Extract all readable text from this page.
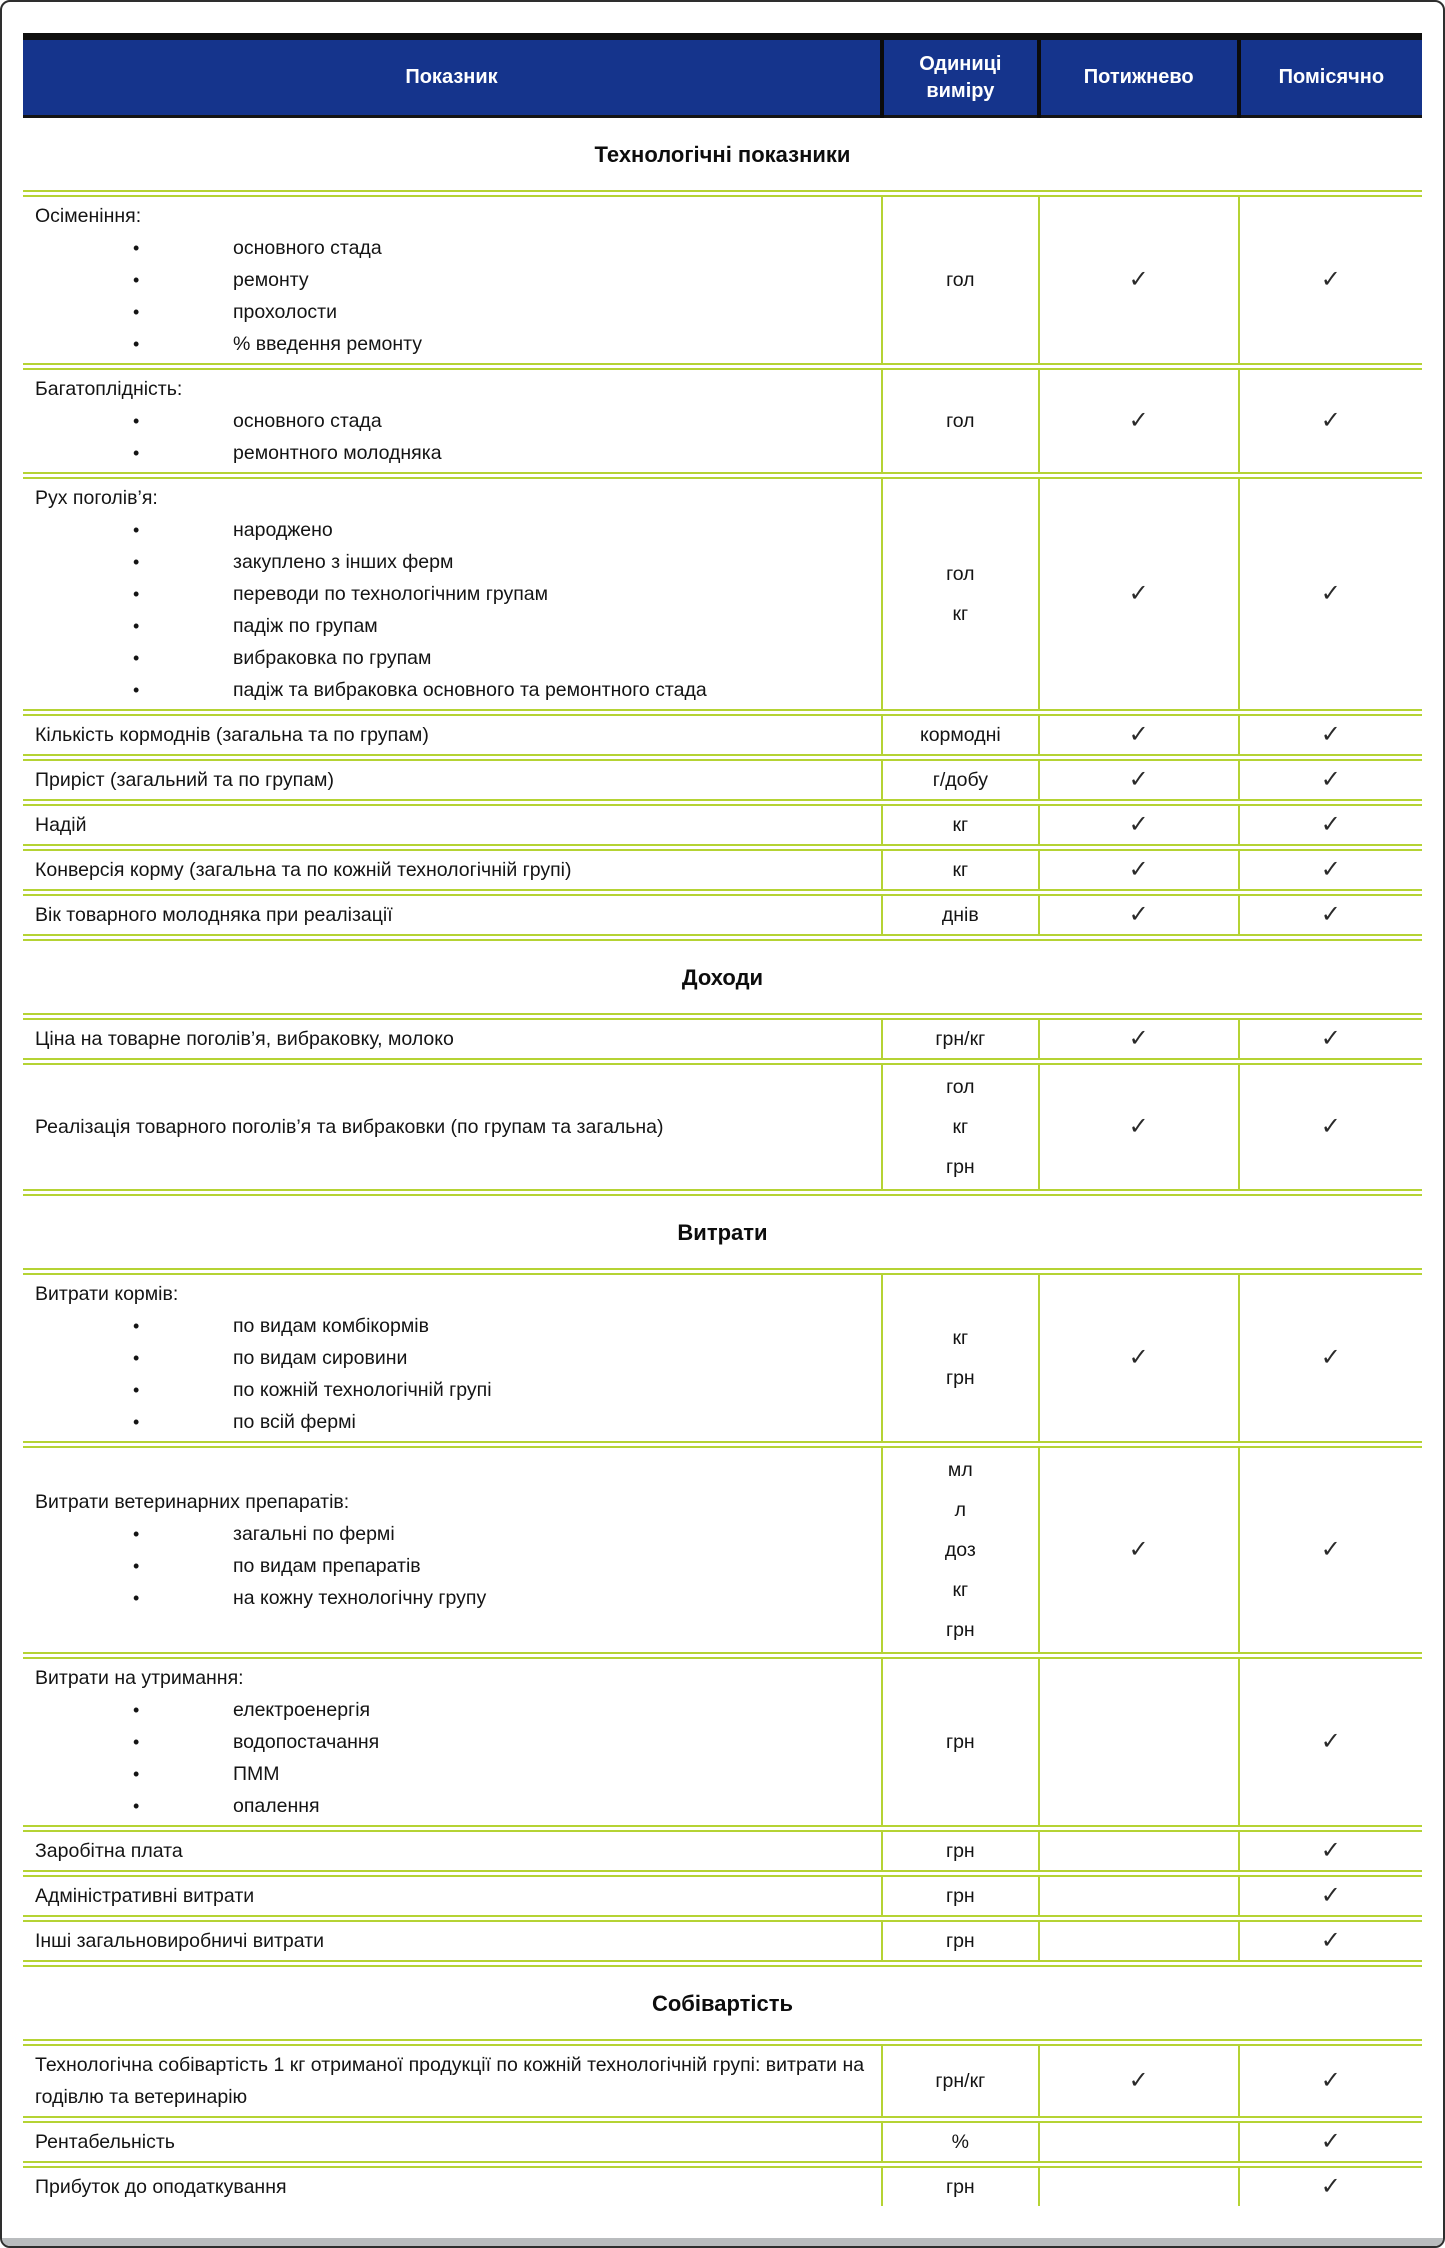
Показник	Одиниці виміру	Потижнево	Помісячно
Технологічні показники
Осіменіння:
•	основного стада
•	ремонту
•	прохолости
•	% введення ремонту

гол	✓	✓

Багатоплідність:
• основного стада
• ремонтного молодняка	гол	✓	✓

Рух поголів’я:
•	народжено
•	закуплено з інших ферм
•	переводи по технологічним групам
•	падіж по групам
•	вибраковка по групам
•	падіж та вибраковка основного та ремонтного стада

гол
кг
	✓	✓

Кількість кормоднів (загальна та по групам)	кормодні	✓	✓

Приріст (загальний та по групам)	г/добу	✓	✓

Надій	кг	✓	✓

Конверсія корму (загальна та по кожній технологічній групі)	кг	✓	✓

Вік товарного молодняка при реалізації	днів	✓	✓
Доходи
Ціна на товарне поголів’я, вибраковку, молоко	грн/кг	✓	✓

Реалізація товарного поголів’я та вибраковки (по групам та загальна)	гол
кг
грн	✓	✓
Витрати
Витрати кормів:
•	по видам комбікормів
•	по видам сировини
•	по кожній технологічній групі
•	по всій фермі

кг
грн
	✓	✓

Витрати ветеринарних препаратів:
•	загальні по фермі
•	по видам препаратів
•	на кожну технологічну групу

мл
л
доз
кг
грн
	✓	✓

Витрати на утримання:
•	електроенергія
•	водопостачання
•	ПММ
•	опалення

грн		✓

Заробітна плата	грн		✓

Адміністративні витрати	грн		✓

Інші загальновиробничі витрати	грн		✓
Собівартість
Технологічна собівартість 1 кг отриманої продукції по кожній технологічній групі: витрати на годівлю та ветеринарію	грн/кг	✓	✓

Рентабельність	%		✓

Прибуток до оподаткування	грн		✓
